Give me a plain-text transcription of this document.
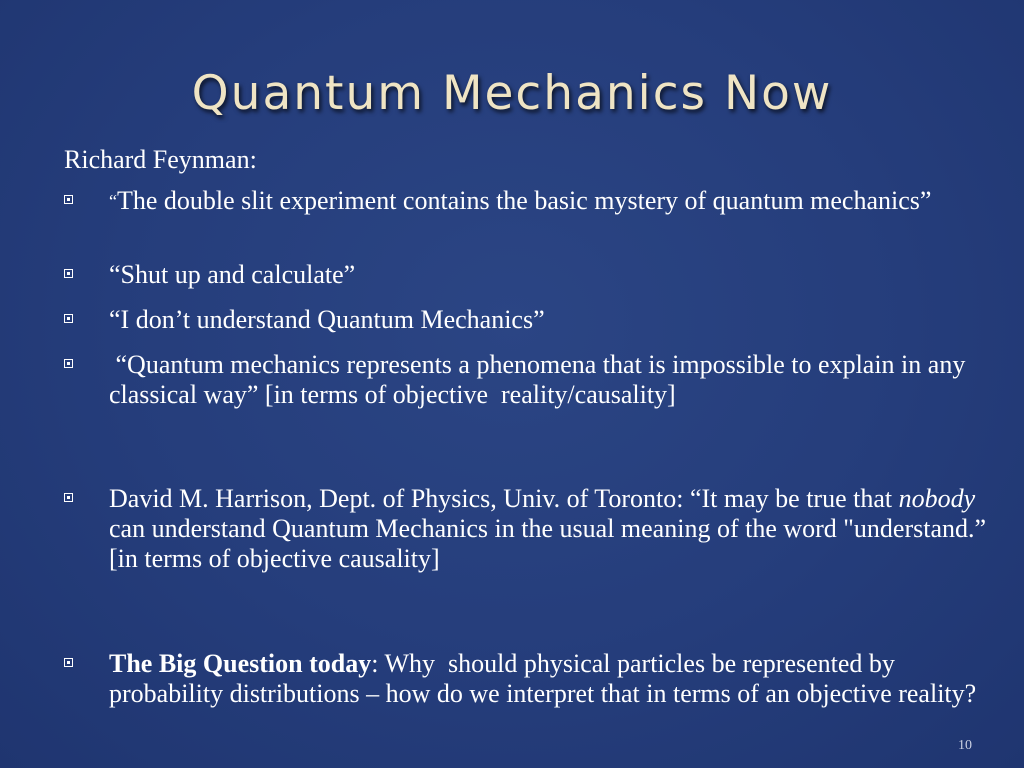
Quantum Mechanics Now
Richard Feynman:
“The double slit experiment contains the basic mystery of quantum mechanics”
“Shut up and calculate”
“I don’t understand Quantum Mechanics”
“Quantum mechanics represents a phenomena that is impossible to explain in any classical way” [in terms of objective  reality/causality]
David M. Harrison, Dept. of Physics, Univ. of Toronto: “It may be true that nobody can understand Quantum Mechanics in the usual meaning of the word "understand.” [in terms of objective causality]
The Big Question today: Why  should physical particles be represented by probability distributions – how do we interpret that in terms of an objective reality?
10
